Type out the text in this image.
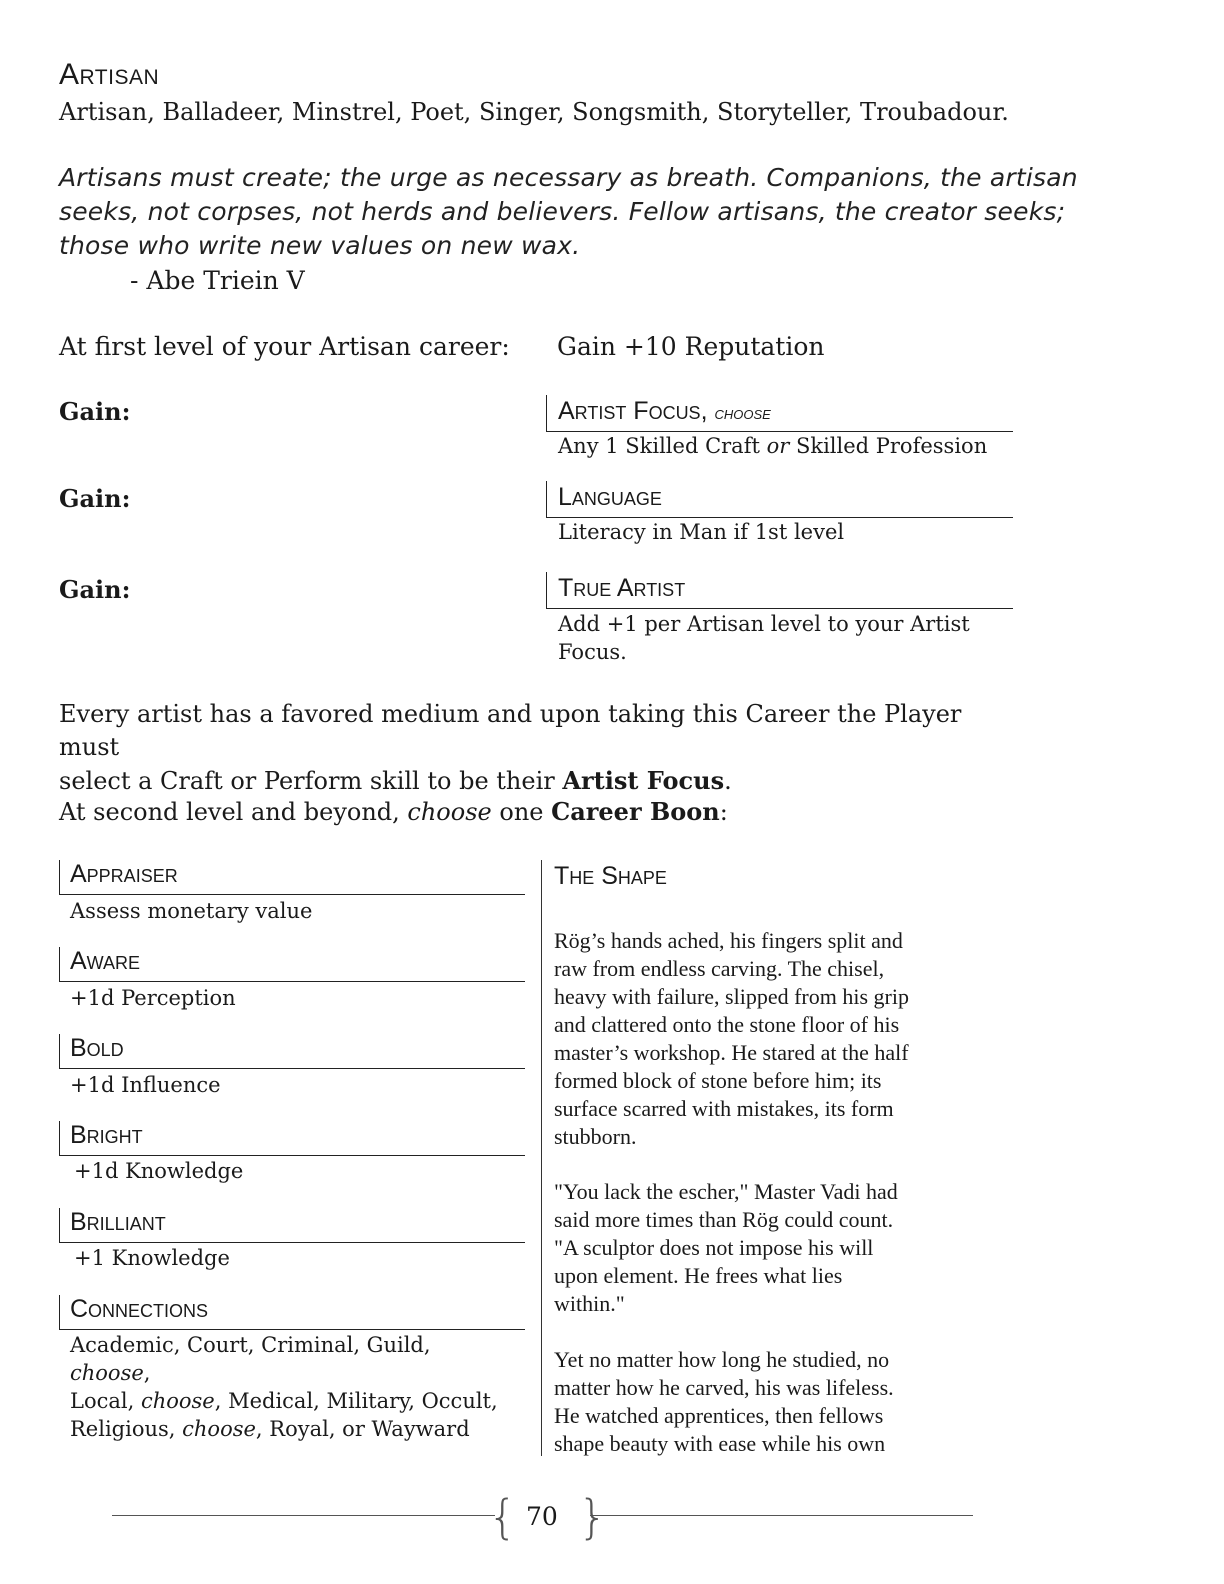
Artisan
Artisan, Balladeer, Minstrel, Poet, Singer, Songsmith, Storyteller, Troubadour.
Artisans must create; the urge as necessary as breath. Companions, the artisan
seeks, not corpses, not herds and believers. Fellow artisans, the creator seeks;
those who write new values on new wax.
- Abe Triein V
At first level of your Artisan career: Gain +10 Reputation
Gain:	Artist Focus, choose
Any 1 Skilled Craft or Skilled Profession
Gain:	Language
Literacy in Man if 1st level
Gain:	True Artist
Add +1 per Artisan level to your Artist
Focus.
Every artist has a favored medium and upon taking this Career the Player must
select a Craft or Perform skill to be their Artist Focus.
At second level and beyond, choose one Career Boon:
Appraiser
Assess monetary value
Aware
+1d Perception
Bold
+1d Influence
Bright
+1d Knowledge
Brilliant
+1 Knowledge
Connections
Academic, Court, Criminal, Guild, choose,
Local, choose, Medical, Military, Occult,
Religious, choose, Royal, or Wayward
The Shape
Rög’s hands ached, his fingers split and
raw from endless carving. The chisel,
heavy with failure, slipped from his grip
and clattered onto the stone floor of his
master’s workshop. He stared at the half
formed block of stone before him; its
surface scarred with mistakes, its form
stubborn.
"You lack the escher," Master Vadi had
said more times than Rög could count.
"A sculptor does not impose his will
upon element. He frees what lies
within."
Yet no matter how long he studied, no
matter how he carved, his was lifeless.
He watched apprentices, then fellows
shape beauty with ease while his own
{ }
70
